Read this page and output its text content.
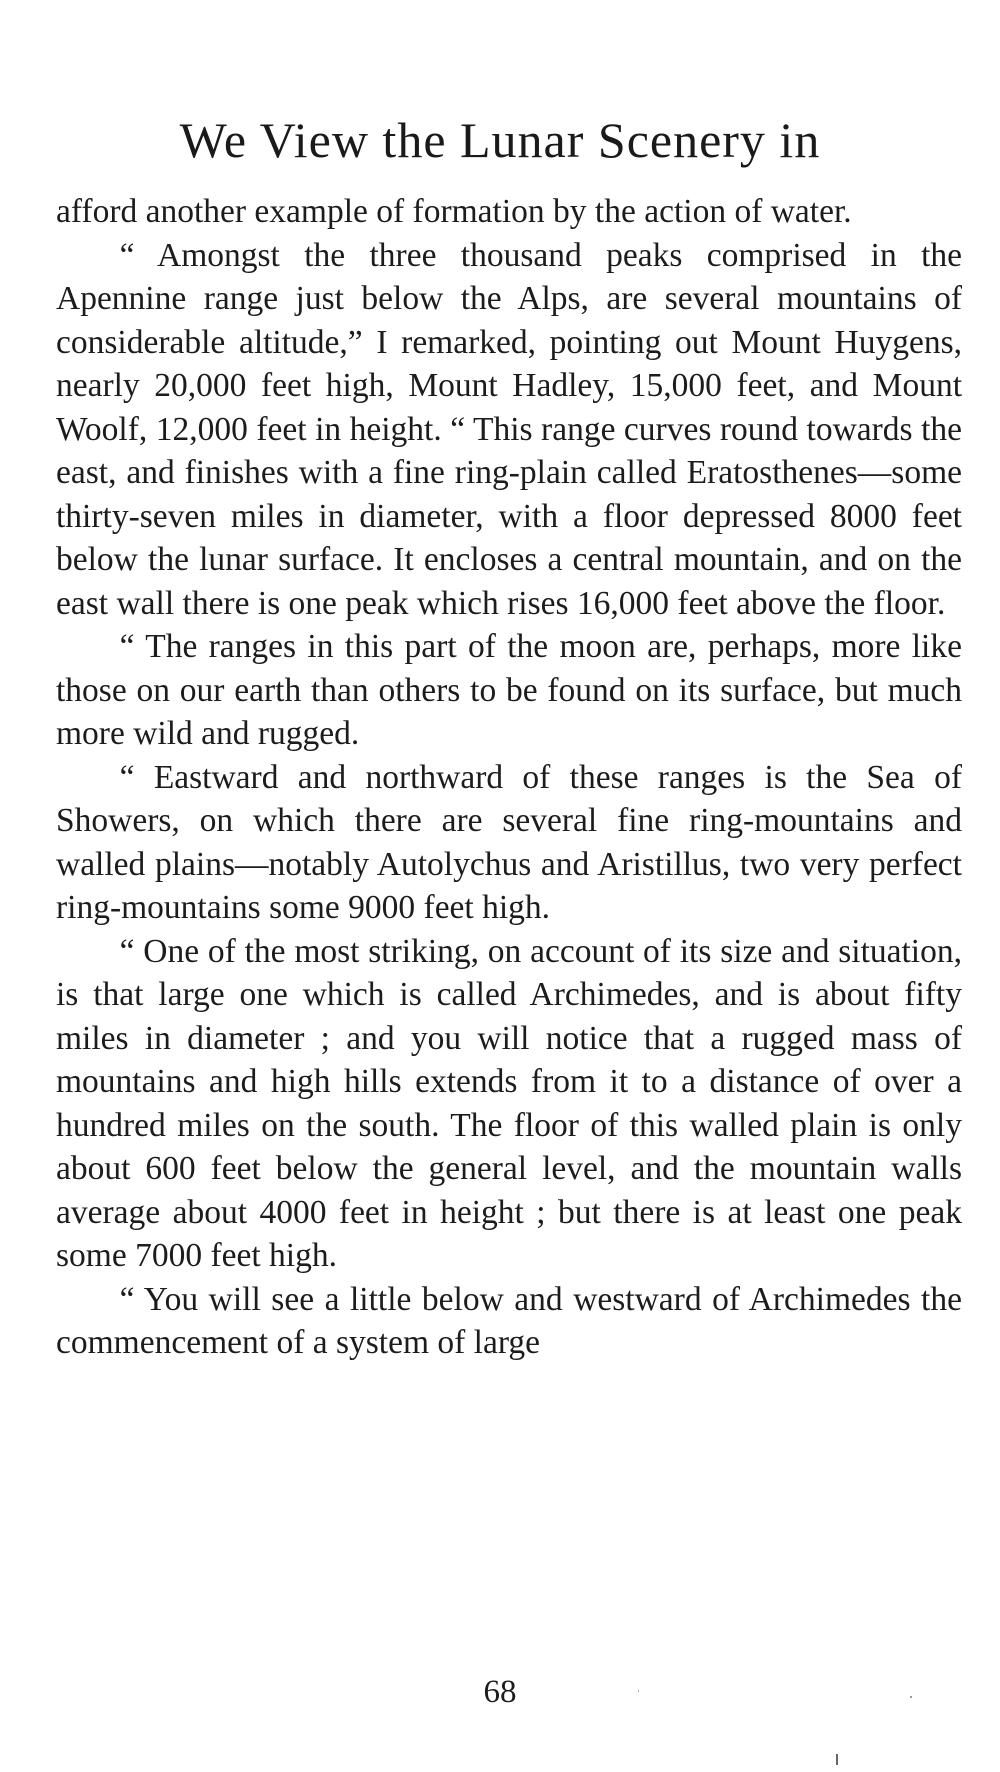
We View the Lunar Scenery in

afford another example of formation by the action of water.

“ Amongst the three thousand peaks comprised in the Apennine range just below the Alps, are several mountains of considerable altitude,” I remarked, pointing out Mount Huygens, nearly 20,000 feet high, Mount Hadley, 15,000 feet, and Mount Woolf, 12,000 feet in height. “ This range curves round towards the east, and finishes with a fine ring-plain called Eratosthenes—some thirty-seven miles in diameter, with a floor depressed 8000 feet below the lunar surface. It encloses a central mountain, and on the east wall there is one peak which rises 16,000 feet above the floor.

“ The ranges in this part of the moon are, perhaps, more like those on our earth than others to be found on its surface, but much more wild and rugged.

“ Eastward and northward of these ranges is the Sea of Showers, on which there are several fine ring-mountains and walled plains—notably Autolychus and Aristillus, two very perfect ring-mountains some 9000 feet high.

“ One of the most striking, on account of its size and situation, is that large one which is called Archimedes, and is about fifty miles in diameter ; and you will notice that a rugged mass of mountains and high hills extends from it to a distance of over a hundred miles on the south. The floor of this walled plain is only about 600 feet below the general level, and the mountain walls average about 4000 feet in height ; but there is at least one peak some 7000 feet high.

“ You will see a little below and westward of Archimedes the commencement of a system of large

68
